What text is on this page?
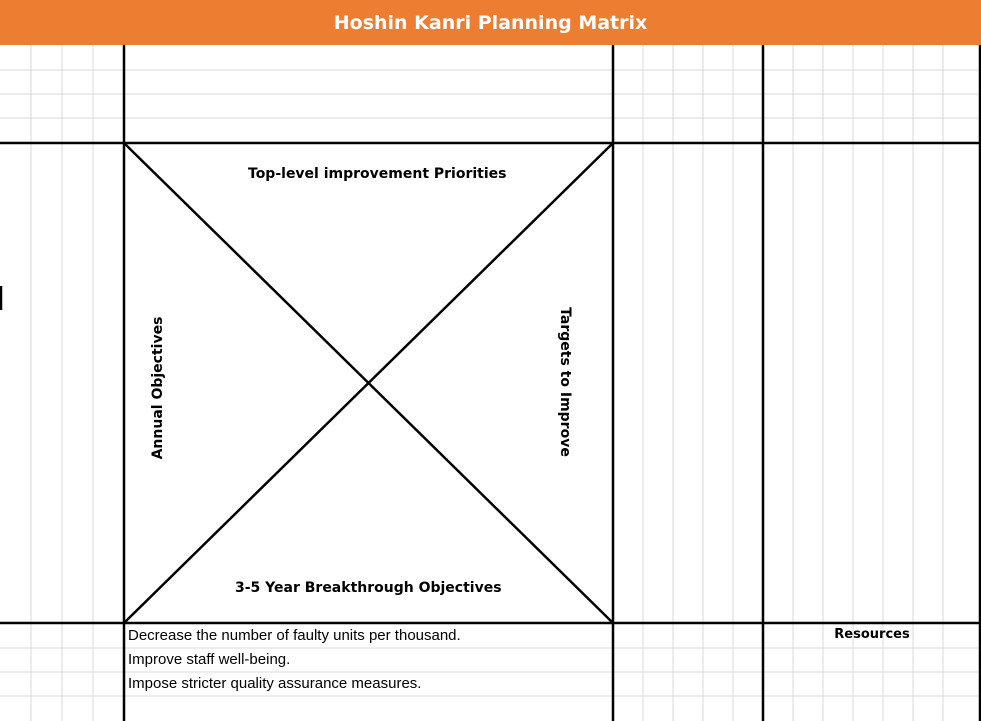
Hoshin Kanri Planning Matrix
Top-level improvement Priorities
3-5 Year Breakthrough Objectives
Annual Objectives	Targets to Improve
Decrease the number of faulty units per thousand.
Improve staff well-being.
Impose stricter quality assurance measures.
Resources
